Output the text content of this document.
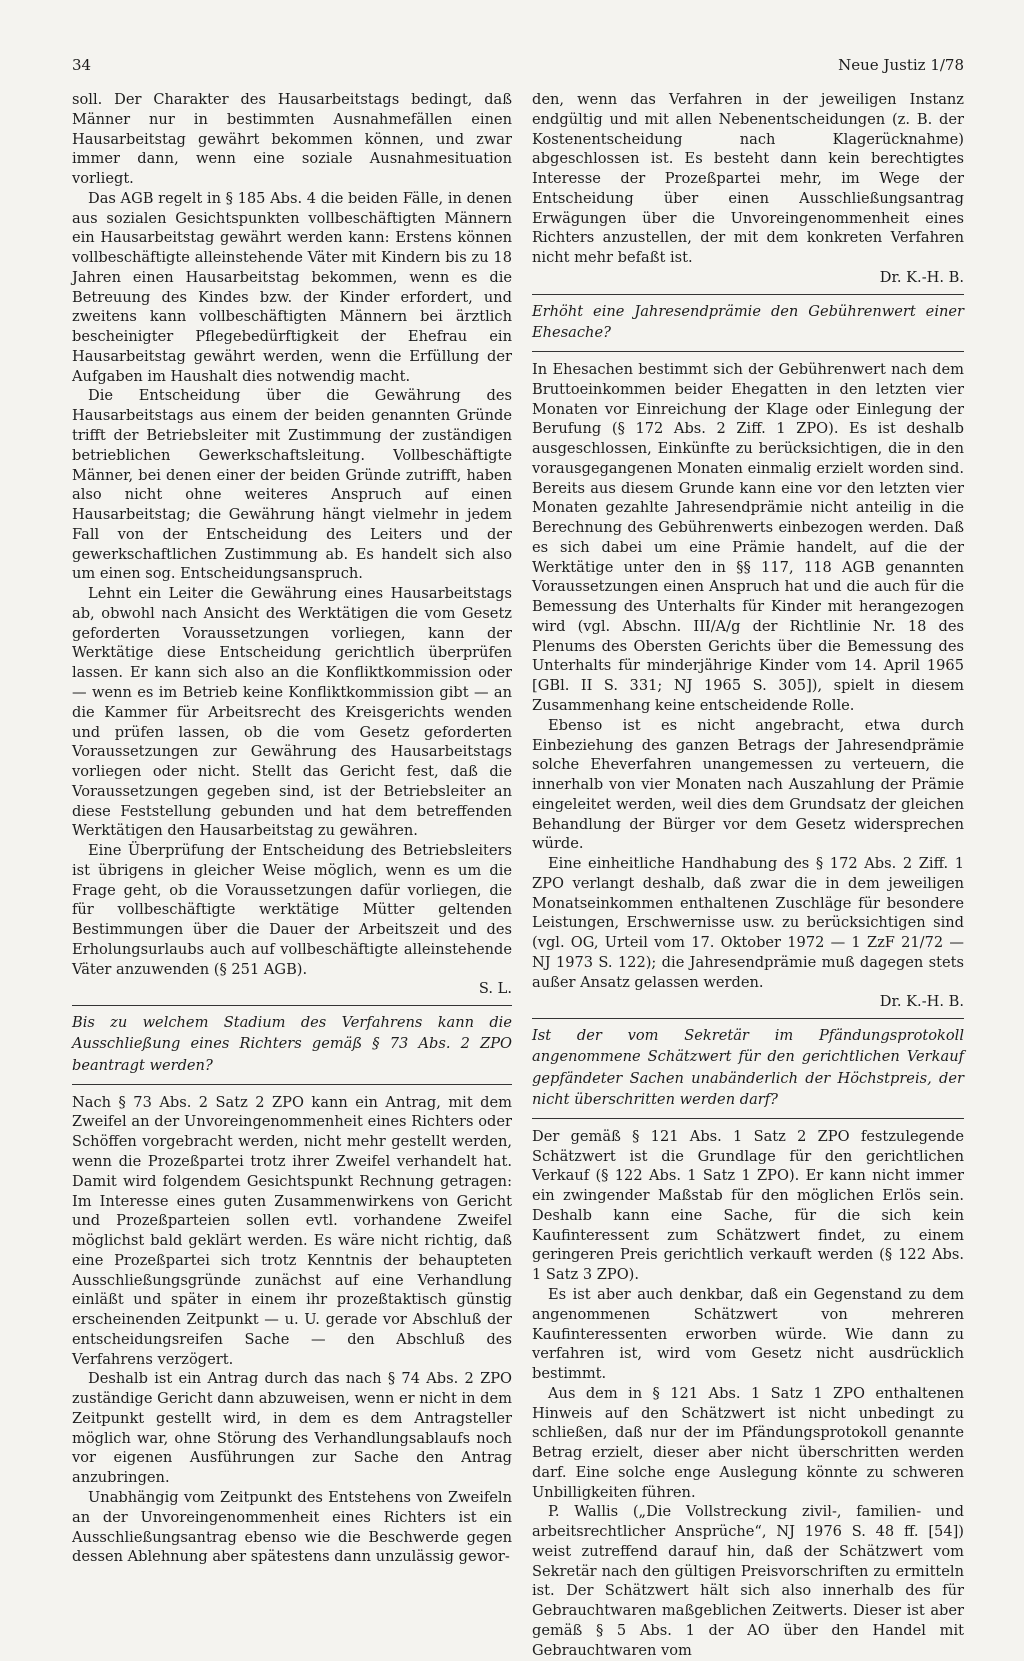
34	Neue Justiz 1/78

soll. Der Charakter des Hausarbeitstags bedingt, daß Männer nur in bestimmten Ausnahmefällen einen Hausarbeitstag gewährt bekommen können, und zwar immer dann, wenn eine soziale Ausnahmesituation vorliegt.

Das AGB regelt in § 185 Abs. 4 die beiden Fälle, in denen aus sozialen Gesichtspunkten vollbeschäftigten Männern ein Hausarbeitstag gewährt werden kann: Erstens können vollbeschäftigte alleinstehende Väter mit Kindern bis zu 18 Jahren einen Hausarbeitstag bekommen, wenn es die Betreuung des Kindes bzw. der Kinder erfordert, und zweitens kann vollbeschäftigten Männern bei ärztlich bescheinigter Pflegebedürftigkeit der Ehefrau ein Hausarbeitstag gewährt werden, wenn die Erfüllung der Aufgaben im Haushalt dies notwendig macht.

Die Entscheidung über die Gewährung des Hausarbeitstags aus einem der beiden genannten Gründe trifft der Betriebsleiter mit Zustimmung der zuständigen betrieblichen Gewerkschaftsleitung. Vollbeschäftigte Männer, bei denen einer der beiden Gründe zutrifft, haben also nicht ohne weiteres Anspruch auf einen Hausarbeitstag; die Gewährung hängt vielmehr in jedem Fall von der Entscheidung des Leiters und der gewerkschaftlichen Zustimmung ab. Es handelt sich also um einen sog. Entscheidungsanspruch.

Lehnt ein Leiter die Gewährung eines Hausarbeitstags ab, obwohl nach Ansicht des Werktätigen die vom Gesetz geforderten Voraussetzungen vorliegen, kann der Werktätige diese Entscheidung gerichtlich überprüfen lassen. Er kann sich also an die Konfliktkommission oder — wenn es im Betrieb keine Konfliktkommission gibt — an die Kammer für Arbeitsrecht des Kreisgerichts wenden und prüfen lassen, ob die vom Gesetz geforderten Voraussetzungen zur Gewährung des Hausarbeitstags vorliegen oder nicht. Stellt das Gericht fest, daß die Voraussetzungen gegeben sind, ist der Betriebsleiter an diese Feststellung gebunden und hat dem betreffenden Werktätigen den Hausarbeitstag zu gewähren.

Eine Überprüfung der Entscheidung des Betriebsleiters ist übrigens in gleicher Weise möglich, wenn es um die Frage geht, ob die Voraussetzungen dafür vorliegen, die für vollbeschäftigte werktätige Mütter geltenden Bestimmungen über die Dauer der Arbeitszeit und des Erholungsurlaubs auch auf vollbeschäftigte alleinstehende Väter anzuwenden (§ 251 AGB).

S. L.

Bis zu welchem Stadium des Verfahrens kann die Ausschließung eines Richters gemäß § 73 Abs. 2 ZPO beantragt werden?

Nach § 73 Abs. 2 Satz 2 ZPO kann ein Antrag, mit dem Zweifel an der Unvoreingenommenheit eines Richters oder Schöffen vorgebracht werden, nicht mehr gestellt werden, wenn die Prozeßpartei trotz ihrer Zweifel verhandelt hat. Damit wird folgendem Gesichtspunkt Rechnung getragen: Im Interesse eines guten Zusammenwirkens von Gericht und Prozeßparteien sollen evtl. vorhandene Zweifel möglichst bald geklärt werden. Es wäre nicht richtig, daß eine Prozeßpartei sich trotz Kenntnis der behaupteten Ausschließungsgründe zunächst auf eine Verhandlung einläßt und später in einem ihr prozeßtaktisch günstig erscheinenden Zeitpunkt — u. U. gerade vor Abschluß der entscheidungsreifen Sache — den Abschluß des Verfahrens verzögert.

Deshalb ist ein Antrag durch das nach § 74 Abs. 2 ZPO zuständige Gericht dann abzuweisen, wenn er nicht in dem Zeitpunkt gestellt wird, in dem es dem Antragsteller möglich war, ohne Störung des Verhandlungsablaufs noch vor eigenen Ausführungen zur Sache den Antrag anzubringen.

Unabhängig vom Zeitpunkt des Entstehens von Zweifeln an der Unvoreingenommenheit eines Richters ist ein Ausschließungsantrag ebenso wie die Beschwerde gegen dessen Ablehnung aber spätestens dann unzulässig gewor-

den, wenn das Verfahren in der jeweiligen Instanz endgültig und mit allen Nebenentscheidungen (z. B. der Kostenentscheidung nach Klagerücknahme) abgeschlossen ist. Es besteht dann kein berechtigtes Interesse der Prozeßpartei mehr, im Wege der Entscheidung über einen Ausschließungsantrag Erwägungen über die Unvoreingenommenheit eines Richters anzustellen, der mit dem konkreten Verfahren nicht mehr befaßt ist.

Dr. K.-H. B.

Erhöht eine Jahresendprämie den Gebührenwert einer Ehesache?

In Ehesachen bestimmt sich der Gebührenwert nach dem Bruttoeinkommen beider Ehegatten in den letzten vier Monaten vor Einreichung der Klage oder Einlegung der Berufung (§ 172 Abs. 2 Ziff. 1 ZPO). Es ist deshalb ausgeschlossen, Einkünfte zu berücksichtigen, die in den vorausgegangenen Monaten einmalig erzielt worden sind. Bereits aus diesem Grunde kann eine vor den letzten vier Monaten gezahlte Jahresendprämie nicht anteilig in die Berechnung des Gebührenwerts einbezogen werden. Daß es sich dabei um eine Prämie handelt, auf die der Werktätige unter den in §§ 117, 118 AGB genannten Voraussetzungen einen Anspruch hat und die auch für die Bemessung des Unterhalts für Kinder mit herangezogen wird (vgl. Abschn. III/A/g der Richtlinie Nr. 18 des Plenums des Obersten Gerichts über die Bemessung des Unterhalts für minderjährige Kinder vom 14. April 1965 [GBl. II S. 331; NJ 1965 S. 305]), spielt in diesem Zusammenhang keine entscheidende Rolle.

Ebenso ist es nicht angebracht, etwa durch Einbeziehung des ganzen Betrags der Jahresendprämie solche Eheverfahren unangemessen zu verteuern, die innerhalb von vier Monaten nach Auszahlung der Prämie eingeleitet werden, weil dies dem Grundsatz der gleichen Behandlung der Bürger vor dem Gesetz widersprechen würde.

Eine einheitliche Handhabung des § 172 Abs. 2 Ziff. 1 ZPO verlangt deshalb, daß zwar die in dem jeweiligen Monatseinkommen enthaltenen Zuschläge für besondere Leistungen, Erschwernisse usw. zu berücksichtigen sind (vgl. OG, Urteil vom 17. Oktober 1972 — 1 ZzF 21/72 — NJ 1973 S. 122); die Jahresendprämie muß dagegen stets außer Ansatz gelassen werden.

Dr. K.-H. B.

Ist der vom Sekretär im Pfändungsprotokoll angenommene Schätzwert für den gerichtlichen Verkauf gepfändeter Sachen unabänderlich der Höchstpreis, der nicht überschritten werden darf?

Der gemäß § 121 Abs. 1 Satz 2 ZPO festzulegende Schätzwert ist die Grundlage für den gerichtlichen Verkauf (§ 122 Abs. 1 Satz 1 ZPO). Er kann nicht immer ein zwingender Maßstab für den möglichen Erlös sein. Deshalb kann eine Sache, für die sich kein Kaufinteressent zum Schätzwert findet, zu einem geringeren Preis gerichtlich verkauft werden (§ 122 Abs. 1 Satz 3 ZPO).

Es ist aber auch denkbar, daß ein Gegenstand zu dem angenommenen Schätzwert von mehreren Kaufinteressenten erworben würde. Wie dann zu verfahren ist, wird vom Gesetz nicht ausdrücklich bestimmt.

Aus dem in § 121 Abs. 1 Satz 1 ZPO enthaltenen Hinweis auf den Schätzwert ist nicht unbedingt zu schließen, daß nur der im Pfändungsprotokoll genannte Betrag erzielt, dieser aber nicht überschritten werden darf. Eine solche enge Auslegung könnte zu schweren Unbilligkeiten führen.

P. Wallis („Die Vollstreckung zivil-, familien- und arbeitsrechtlicher Ansprüche“, NJ 1976 S. 48 ff. [54]) weist zutreffend darauf hin, daß der Schätzwert vom Sekretär nach den gültigen Preisvorschriften zu ermitteln ist. Der Schätzwert hält sich also innerhalb des für Gebrauchtwaren maßgeblichen Zeitwerts. Dieser ist aber gemäß § 5 Abs. 1 der AO über den Handel mit Gebrauchtwaren vom
